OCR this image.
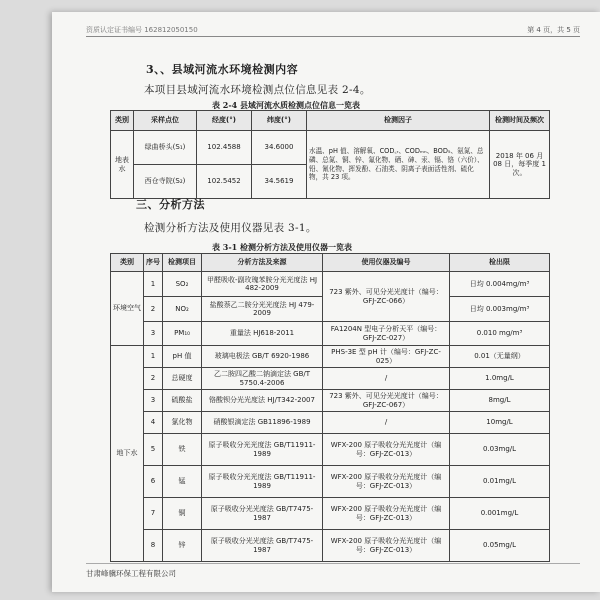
资质认定证书编号 162812050150	第 4 页，共 5 页
3、、县域河流水环境检测内容
本项目县域河流水环境检测点位信息见表 2-4。
表 2-4 县域河流水质检测点位信息一览表
类别	采样点位	经度(°)	纬度(°)	检测因子	检测时间及频次
地表水	绿曲桥头(S₁)	102.4588	34.6000	水温、pH 值、溶解氧、COD꜀ᵣ、CODₘₙ、BOD₅、氨氮、总磷、总氮、铜、锌、氟化物、硒、砷、汞、镉、铬（六价）、铅、氰化物、挥发酚、石油类、阴离子表面活性剂、硫化物，共 23 项。	2018 年 06 月 08 日，每季度 1 次。
	西仓寺院(S₂)	102.5452	34.5619		
三、分析方法
检测分析方法及使用仪器见表 3-1。
表 3-1 检测分析方法及使用仪器一览表
类别	序号	检测项目	分析方法及来源	使用仪器及编号	检出限
环境空气	1	SO₂	甲醛吸收-副玫瑰苯胺分光光度法 HJ 482-2009	723 紫外、可见分光光度计（编号：GFJ-ZC-066）	日均 0.004mg/m³
	2	NO₂	盐酸萘乙二胺分光光度法 HJ 479-2009		日均 0.003mg/m³
	3	PM₁₀	重量法 HJ618-2011	FA1204N 型电子分析天平（编号：GFJ-ZC-027）	0.010 mg/m³
地下水	1	pH 值	玻璃电极法 GB/T 6920-1986	PHS-3E 型 pH 计（编号：GFJ-ZC-025）	0.01（无量纲）
	2	总硬度	乙二胺四乙酸二钠滴定法 GB/T 5750.4-2006	/	1.0mg/L
	3	硫酸盐	铬酸钡分光光度法 HJ/T342-2007	723 紫外、可见分光光度计（编号：GFJ-ZC-067）	8mg/L
	4	氯化物	硝酸银滴定法 GB11896-1989	/	10mg/L
	5	铁	原子吸收分光光度法 GB/T11911-1989	WFX-200 原子吸收分光光度计（编号：GFJ-ZC-013）	0.03mg/L
	6	锰	原子吸收分光光度法 GB/T11911-1989	WFX-200 原子吸收分光光度计（编号：GFJ-ZC-013）	0.01mg/L
	7	铜	原子吸收分光光度法 GB/T7475-1987	WFX-200 原子吸收分光光度计（编号：GFJ-ZC-013）	0.001mg/L
	8	锌	原子吸收分光光度法 GB/T7475-1987	WFX-200 原子吸收分光光度计（编号：GFJ-ZC-013）	0.05mg/L
甘肃峰骥环保工程有限公司
